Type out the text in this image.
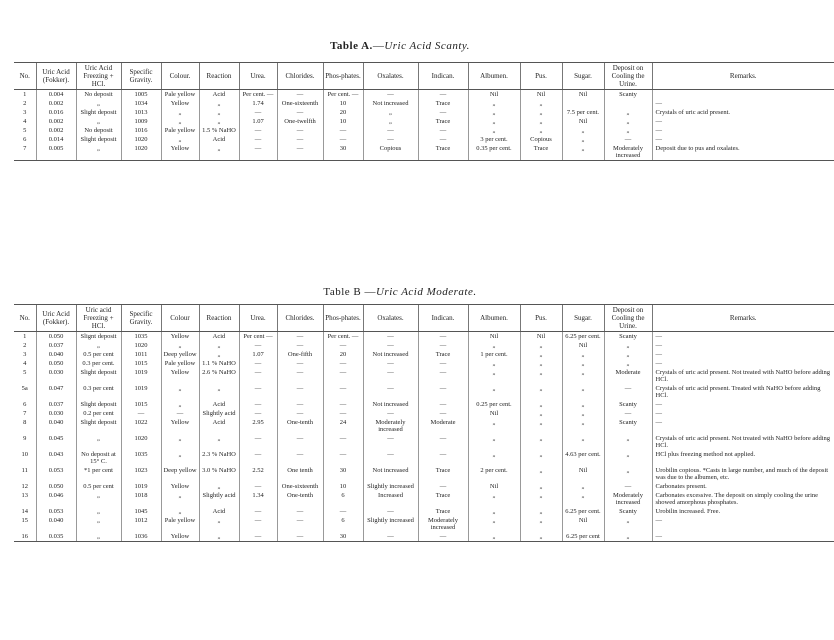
Table A.—Uric Acid Scanty.
No.	Uric Acid (Fokker).	Uric Acid Freezing + HCl.	Specific Gravity.	Colour.	Reaction	Urea.	Chlorides.	Phos-phates.	Oxalates.	Indican.	Albumen.	Pus.	Sugar.	Deposit on Cooling the Urine.	Remarks.
1	0.004	No deposit	1005	Pale yellow	Acid	Per cent. —	—	Per cent. —	—	—	Nil	Nil	Nil	Scanty	
2	0.002	„	1034	Yellow	„	1.74	One-sixteenth	10	Not increased	Trace	„	„			—
3	0.016	Slight deposit	1013	„	„	—	—	20	„	—	„	„	7.5 per cent.	„	Crystals of uric acid present.
4	0.002	„	1009	„	„	1.07	One-twelfth	10	„	Trace	„	„	Nil	„	—
5	0.002	No deposit	1016	Pale yellow	1.5 % NaHO	—	—	—	—	—	„	„	„	„	—
6	0.014	Slight deposit	1020	„	Acid	—	—	—	—	—	3 per cent.	Copious	„	—	—
7	0.005	„	1020	Yellow	„	—	—	30	Copious	Trace	0.35 per cent.	Trace	„	Moderately increased	Deposit due to pus and oxalates.
Table B —Uric Acid Moderate.
No.	Uric Acid (Fokker).	Uric acid Freezing + HCl.	Specific Gravity.	Colour	Reaction	Urea.	Chlorides.	Phos-phates.	Oxalates.	Indican.	Albumen.	Pus.	Sugar.	Deposit on Cooling the Urine.	Remarks.
1	0.050	Slignt deposit	1035	Yellow	Acid	Per cent —	—	Per cent. —	—	—	Nil	Nil	6.25 per cent.	Scanty	—
2	0.037	„	1020	„	„	—	—	—	—	—	„	„	Nil	„	—
3	0.040	0.5 per cent	1011	Deep yellow	„	1.07	One-fifth	20	Not increased	Trace	1 per cent.	„	„	„	—
4	0.050	0.3 per cent.	1015	Pale yellow	1.1 % NaHO	—	—	—	—	—	„	„	„	„	—
5	0.030	Slight deposit	1019	Yellow	2.6 % NaHO	—	—	—	—	—	„	„	„	Moderate	Crystals of uric acid present. Not treated with NaHO before adding HCl.
5a	0.047	0.3 per cent	1019	„	„	—	—	—	—	—	„	„	„	—	Crystals of uric acid present. Treated with NaHO before adding HCl.
6	0.037	Slight deposit	1015	„	Acid	—	—	—	Not increased	—	0.25 per cent.	„	„	Scanty	—
7	0.030	0.2 per cent	—	—	Slightly acid	—	—	—	—	—	Nil	„	„	—	—
8	0.040	Slight deposit	1022	Yellow	Acid	2.95	One-tenth	24	Moderately increased	Moderate	„	„	„	Scanty	—
9	0.045	„	1020	„	„	—	—	—	—	—	„	„	„	„	Crystals of uric acid present. Not treated with NaHO before adding HCl.
10	0.043	No deposit at 15° C.	1035	„	2.3 % NaHO	—	—	—	—	—	„	„	4.63 per cent.	„	HCl plus freezing method not applied.
11	0.053	*1 per cent	1023	Deep yellow	3.0 % NaHO	2.52	One tenth	30	Not increased	Trace	2 per cent.	„	Nil	„	Urobilin copious. *Casts in large number, and much of the deposit was due to the albumen, etc.
12	0.050	0.5 per cent	1019	Yellow	„	—	One-sixteenth	10	Slightly increased	—	Nil	„	„	—	Carbonates present.
13	0.046	„	1018	„	Slightly acid	1.34	One-tenth	6	Increased	Trace	„	„	„	Moderately increased	Carbonates excessive. The deposit on simply cooling the urine showed amorphous phosphates.
14	0.053	„	1045	„	Acid	—	—	—	—	Trace	„	„	6.25 per cent.	Scanty	Urobilin increased. Free.
15	0.040	„	1012	Pale yellow	„	—	—	6	Slightly increased	Moderately increased	„	„	Nil	„	—
16	0.035	„	1036	Yellow	„	—	—	30	—	—	„	„	6.25 per cent	„	—
